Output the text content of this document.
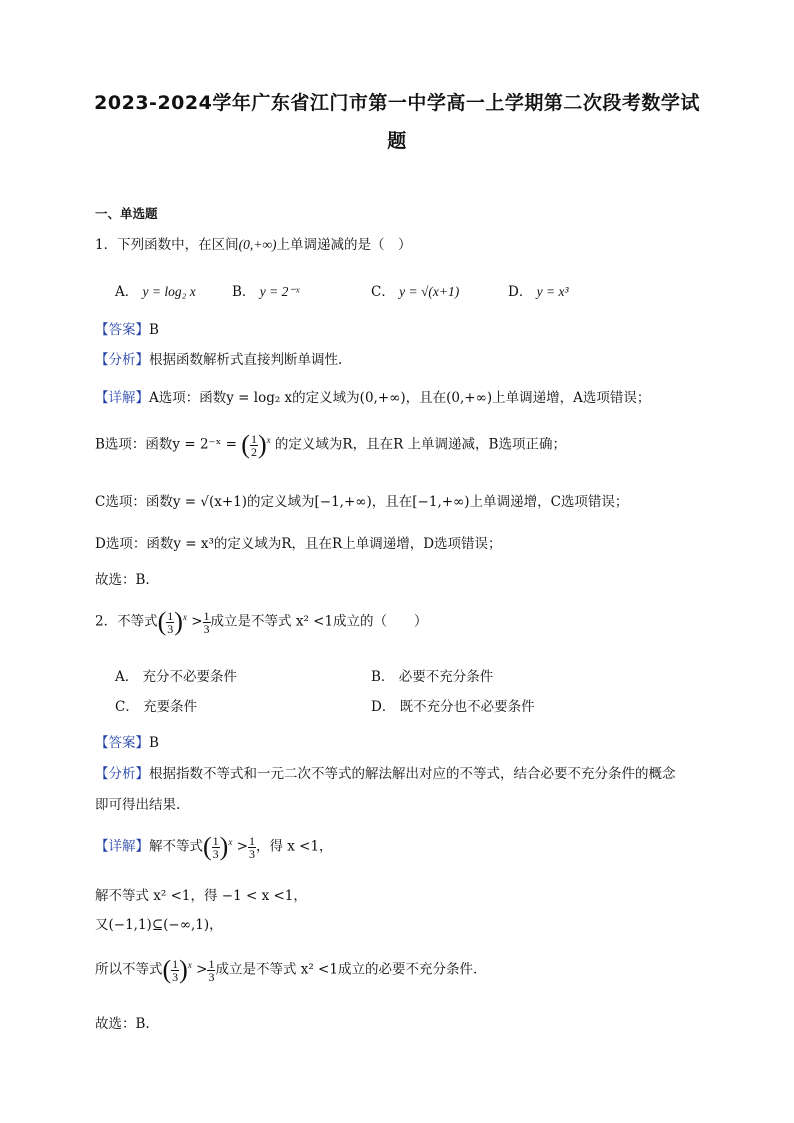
2023-2024学年广东省江门市第一中学高一上学期第二次段考数学试
题
一、单选题
1．下列函数中，在区间(0,+∞)上单调递减的是（　）
A． y = log₂ x	B． y = 2⁻ˣ	C． y = √(x+1)	D． y = x³
【答案】B
【分析】根据函数解析式直接判断单调性.
【详解】A选项：函数y = log₂ x的定义域为(0,+∞)，且在(0,+∞)上单调递增，A选项错误；
B选项：函数y = 2⁻ˣ = ( $\frac{1}{2} )^x$ 的定义域为R，且在R 上单调递减，B选项正确；
C选项：函数y = √(x+1)的定义域为[−1,+∞)，且在[−1,+∞)上单调递增，C选项错误；
D选项：函数y = x³的定义域为R，且在R上单调递增，D选项错误；
故选：B.
2．不等式( $\frac{1}{3} )^x > \frac{1}{3}$ 成立是不等式 x² <1成立的（　　）
A． 充分不必要条件	B． 必要不充分条件
C． 充要条件	D． 既不充分也不必要条件
【答案】B
【分析】根据指数不等式和一元二次不等式的解法解出对应的不等式，结合必要不充分条件的概念
即可得出结果.
【详解】解不等式( $\frac{1}{3} )^x > \frac{1}{3}$ ，得 x <1，
解不等式 x² <1，得 −1 < x <1，
又(−1,1)⊆(−∞,1)，
所以不等式( $\frac{1}{3} )^x > \frac{1}{3}$ 成立是不等式 x² <1成立的必要不充分条件.
故选：B.
